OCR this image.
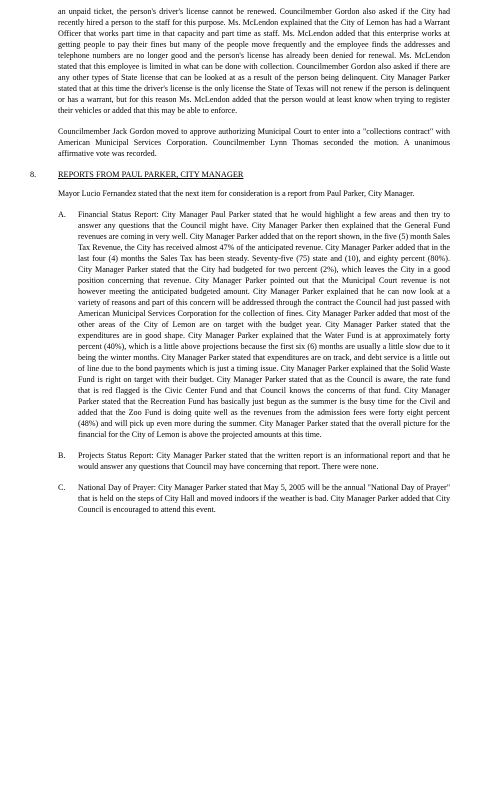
an unpaid ticket, the person's driver's license cannot be renewed. Councilmember Gordon also asked if the City had recently hired a person to the staff for this purpose. Ms. McLendon explained that the City of Lemon has had a Warrant Officer that works part time in that capacity and part time as staff. Ms. McLendon added that this enterprise works at getting people to pay their fines but many of the people move frequently and the employee finds the addresses and telephone numbers are no longer good and the person's license has already been denied for renewal. Ms. McLendon stated that this employee is limited in what can be done with collection. Councilmember Gordon also asked if there are any other types of State license that can be looked at as a result of the person being delinquent. City Manager Parker stated that at this time the driver's license is the only license the State of Texas will not renew if the person is delinquent or has a warrant, but for this reason Ms. McLendon added that the person would at least know when trying to register their vehicles or added that this may be able to enforce.

Councilmember Jack Gordon moved to approve authorizing Municipal Court to enter into a "collections contract" with American Municipal Services Corporation. Councilmember Lynn Thomas seconded the motion. A unanimous affirmative vote was recorded.

8.	REPORTS FROM PAUL PARKER, CITY MANAGER

Mayor Lucio Fernandez stated that the next item for consideration is a report from Paul Parker, City Manager.

A.	Financial Status Report: City Manager Paul Parker stated that he would highlight a few areas and then try to answer any questions that the Council might have. City Manager Parker then explained that the General Fund revenues are coming in very well. City Manager Parker added that on the report shown, in the five (5) month Sales Tax Revenue, the City has received almost 47% of the anticipated revenue. City Manager Parker added that in the last four (4) months the Sales Tax has been steady. Seventy-five (75) state and (10), and eighty percent (80%). City Manager Parker stated that the City had budgeted for two percent (2%), which leaves the City in a good position concerning that revenue. City Manager Parker pointed out that the Municipal Court revenue is not however meeting the anticipated budgeted amount. City Manager Parker explained that he can now look at a variety of reasons and part of this concern will be addressed through the contract the Council had just passed with American Municipal Services Corporation for the collection of fines. City Manager Parker added that most of the other areas of the City of Lemon are on target with the budget year. City Manager Parker stated that the expenditures are in good shape. City Manager Parker explained that the Water Fund is at approximately forty percent (40%), which is a little above projections because the first six (6) months are usually a little slow due to it being the winter months. City Manager Parker stated that expenditures are on track, and debt service is a little out of line due to the bond payments which is just a timing issue. City Manager Parker explained that the Solid Waste Fund is right on target with their budget. City Manager Parker stated that as the Council is aware, the rate fund that is red flagged is the Civic Center Fund and that Council knows the concerns of that fund. City Manager Parker stated that the Recreation Fund has basically just begun as the summer is the busy time for the Civil and added that the Zoo Fund is doing quite well as the revenues from the admission fees were forty eight percent (48%) and will pick up even more during the summer. City Manager Parker stated that the overall picture for the financial for the City of Lemon is above the projected amounts at this time.

B.	Projects Status Report: City Manager Parker stated that the written report is an informational report and that he would answer any questions that Council may have concerning that report. There were none.

C.	National Day of Prayer: City Manager Parker stated that May 5, 2005 will be the annual "National Day of Prayer" that is held on the steps of City Hall and moved indoors if the weather is bad. City Manager Parker added that City Council is encouraged to attend this event.
